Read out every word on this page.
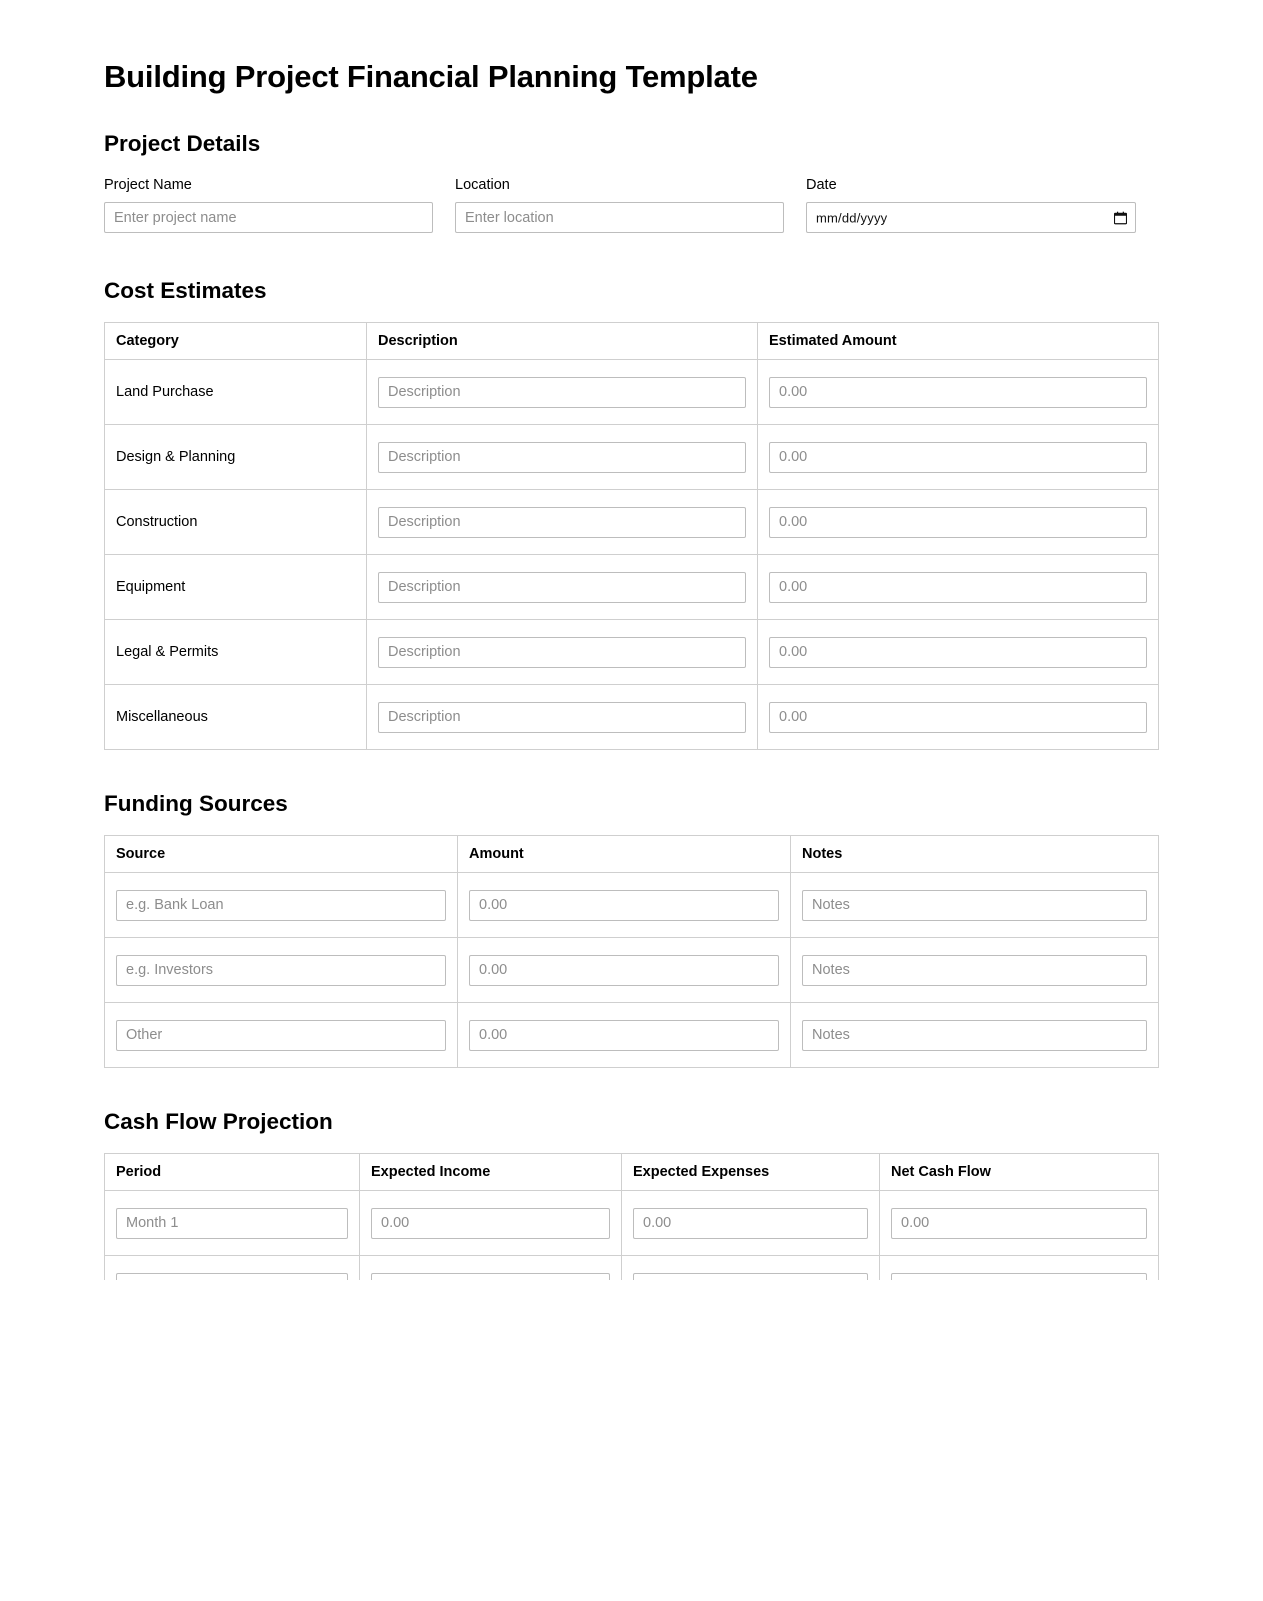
Building Project Financial Planning Template
Project Details
Project Name
Enter project name	Location
Enter location	Date
mm/dd/yyyy
Cost Estimates
Category	Description	Estimated Amount
Land Purchase	Description	0.00
Design & Planning	Description	0.00
Construction	Description	0.00
Equipment	Description	0.00
Legal & Permits	Description	0.00
Miscellaneous	Description	0.00
Funding Sources
Source	Amount	Notes
e.g. Bank Loan	0.00	Notes
e.g. Investors	0.00	Notes
Other	0.00	Notes
Cash Flow Projection
Period	Expected Income	Expected Expenses	Net Cash Flow
Month 1	0.00	0.00	0.00
Month 2	0.00	0.00	0.00
